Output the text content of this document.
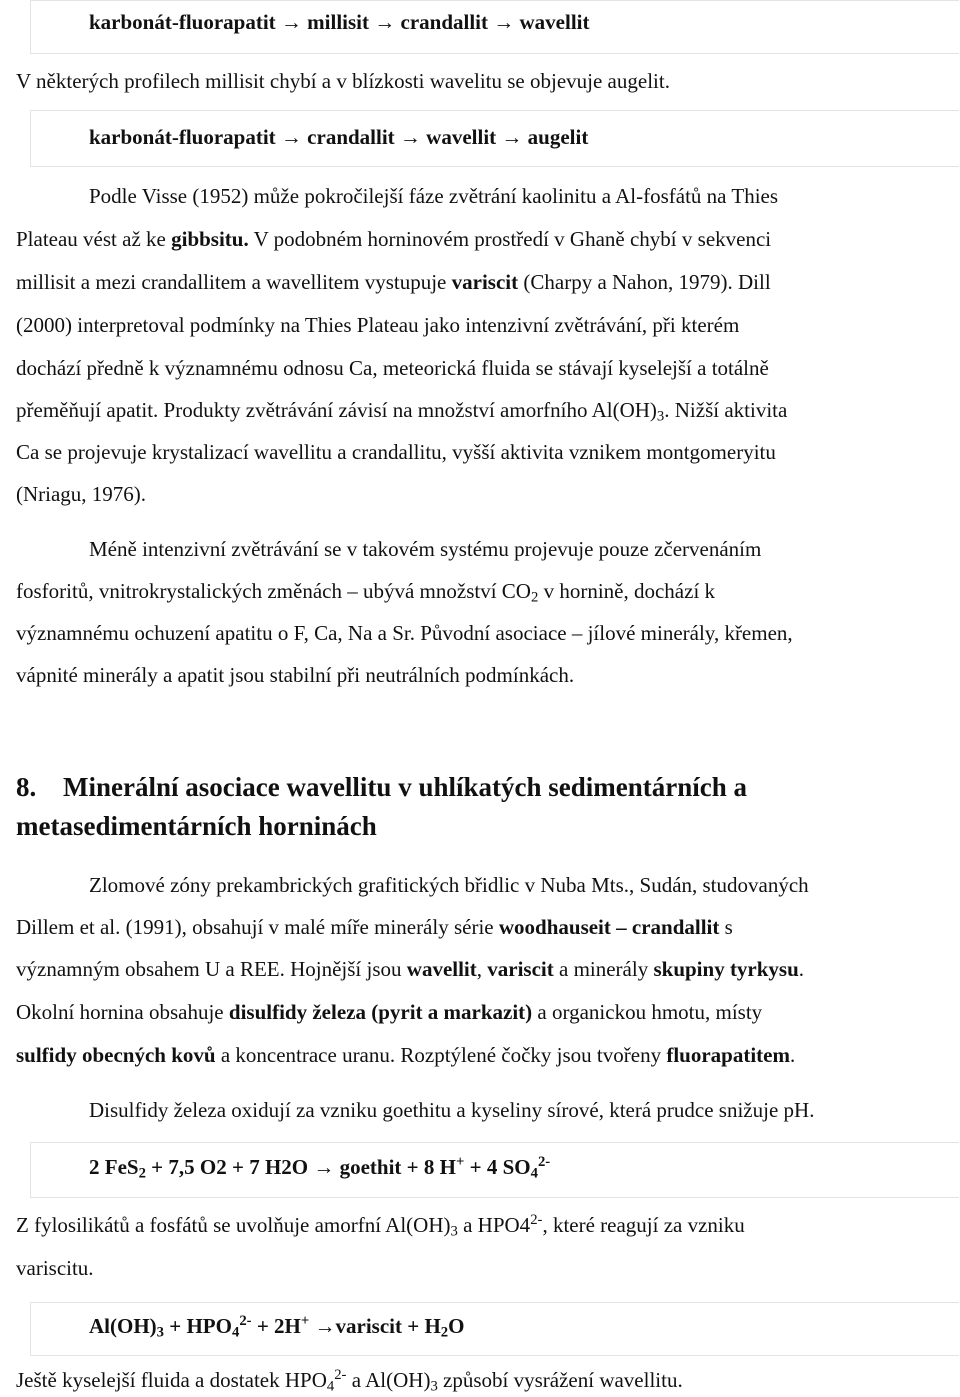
karbonát-fluorapatit → millisit → crandallit → wavellit
V některých profilech millisit chybí a v blízkosti wavelitu se objevuje augelit.
karbonát-fluorapatit → crandallit → wavellit → augelit
Podle Visse (1952) může pokročilejší fáze zvětrání kaolinitu a Al-fosfátů na Thies
Plateau vést až ke gibbsitu. V podobném horninovém prostředí v Ghaně chybí v sekvenci
millisit a mezi crandallitem a wavellitem vystupuje variscit (Charpy a Nahon, 1979). Dill
(2000) interpretoval podmínky na Thies Plateau jako intenzivní zvětrávání, při kterém
dochází předně k významnému odnosu Ca, meteorická fluida se stávají kyselejší a totálně
přeměňují apatit. Produkty zvětrávání závisí na množství amorfního $Al(OH)_3$. Nižší aktivita
Ca se projevuje krystalizací wavellitu a crandallitu, vyšší aktivita vznikem montgomeryitu
(Nriagu, 1976).
Méně intenzivní zvětrávání se v takovém systému projevuje pouze zčervenáním
fosforitů, vnitrokrystalických změnách – ubývá množství $CO_2$ v hornině, dochází k
významnému ochuzení apatitu o F, Ca, Na a Sr. Původní asociace – jílové minerály, křemen,
vápnité minerály a apatit jsou stabilní při neutrálních podmínkách.
8. Minerální asociace wavellitu v uhlíkatých sedimentárních a
metasedimentárních horninách
Zlomové zóny prekambrických grafitických břidlic v Nuba Mts., Sudán, studovaných
Dillem et al. (1991), obsahují v malé míře minerály série woodhauseit – crandallit s
významným obsahem U a REE. Hojnější jsou wavellit, variscit a minerály skupiny tyrkysu.
Okolní hornina obsahuje disulfidy železa (pyrit a markazit) a organickou hmotu, místy
sulfidy obecných kovů a koncentrace uranu. Rozptýlené čočky jsou tvořeny fluorapatitem.
Disulfidy železa oxidují za vzniku goethitu a kyseliny sírové, která prudce snižuje pH.
2 FeS$_2$ + 7,5 O2 + 7 H2O → goethit + 8 H+ + 4 $SO_4^{2-}$
Z fylosilikátů a fosfátů se uvolňuje amorfní $Al(OH)_3$ a $HPO4^{2-}$, které reagují za vzniku
variscitu.
$Al(OH)_3 + HPO_4^{2-} + 2H^+$ →variscit + $H_2O$
Ještě kyselejší fluida a dostatek $HPO_4^{2-}$ a $Al(OH)_3$ způsobí vysrážení wavellitu.
